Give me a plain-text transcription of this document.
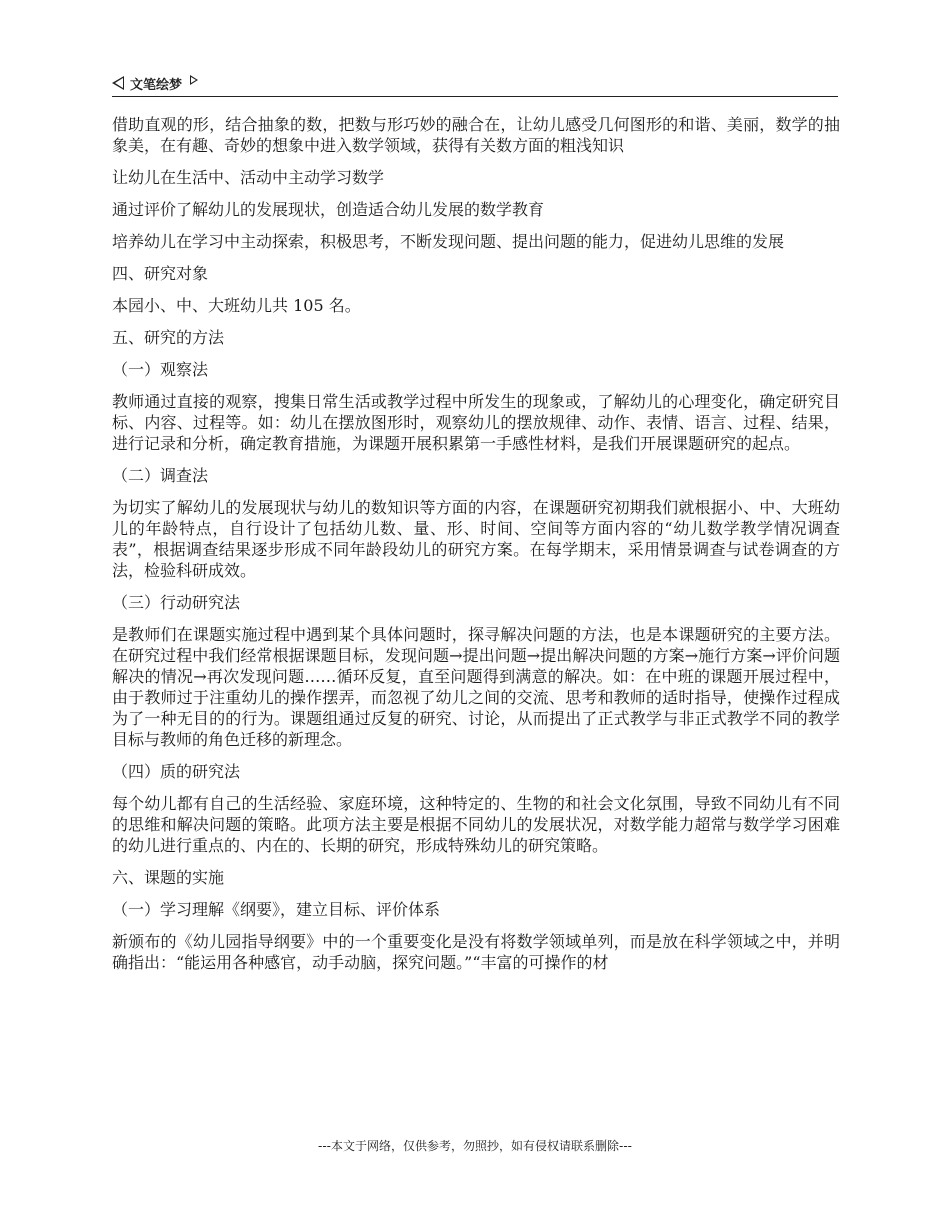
文笔绘梦

借助直观的形，结合抽象的数，把数与形巧妙的融合在，让幼儿感受几何图形的和谐、美丽，数学的抽象美，在有趣、奇妙的想象中进入数学领域，获得有关数方面的粗浅知识

让幼儿在生活中、活动中主动学习数学

通过评价了解幼儿的发展现状，创造适合幼儿发展的数学教育

培养幼儿在学习中主动探索，积极思考，不断发现问题、提出问题的能力，促进幼儿思维的发展

四、研究对象

本园小、中、大班幼儿共 105 名。

五、研究的方法

（一）观察法

教师通过直接的观察，搜集日常生活或教学过程中所发生的现象或，了解幼儿的心理变化，确定研究目标、内容、过程等。如：幼儿在摆放图形时，观察幼儿的摆放规律、动作、表情、语言、过程、结果，进行记录和分析，确定教育措施，为课题开展积累第一手感性材料，是我们开展课题研究的起点。

（二）调查法

为切实了解幼儿的发展现状与幼儿的数知识等方面的内容，在课题研究初期我们就根据小、中、大班幼儿的年龄特点，自行设计了包括幼儿数、量、形、时间、空间等方面内容的“幼儿数学教学情况调查表”，根据调查结果逐步形成不同年龄段幼儿的研究方案。在每学期末，采用情景调查与试卷调查的方法，检验科研成效。

（三）行动研究法

是教师们在课题实施过程中遇到某个具体问题时，探寻解决问题的方法，也是本课题研究的主要方法。在研究过程中我们经常根据课题目标，发现问题→提出问题→提出解决问题的方案→施行方案→评价问题解决的情况→再次发现问题……循环反复，直至问题得到满意的解决。如：在中班的课题开展过程中，由于教师过于注重幼儿的操作摆弄，而忽视了幼儿之间的交流、思考和教师的适时指导，使操作过程成为了一种无目的的行为。课题组通过反复的研究、讨论，从而提出了正式教学与非正式教学不同的教学目标与教师的角色迁移的新理念。

（四）质的研究法

每个幼儿都有自己的生活经验、家庭环境，这种特定的、生物的和社会文化氛围，导致不同幼儿有不同的思维和解决问题的策略。此项方法主要是根据不同幼儿的发展状况，对数学能力超常与数学学习困难的幼儿进行重点的、内在的、长期的研究，形成特殊幼儿的研究策略。

六、课题的实施

（一）学习理解《纲要》，建立目标、评价体系

新颁布的《幼儿园指导纲要》中的一个重要变化是没有将数学领域单列，而是放在科学领域之中，并明确指出：“能运用各种感官，动手动脑，探究问题。”“丰富的可操作的材

---本文于网络，仅供参考，勿照抄，如有侵权请联系删除---
